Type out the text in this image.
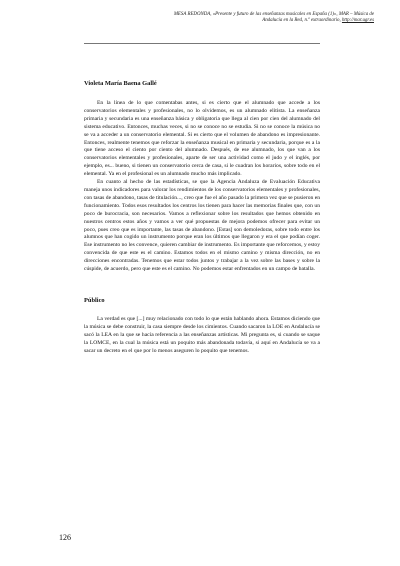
MESA REDONDA, «Presente y futuro de las enseñanzas musicales en España (1)», MAR – Música de
Andalucía en la Red, n.º extraordinario, http://mar.ugr.es
Violeta María Baena Gallé

En la línea de lo que comentabas antes, si es cierto que el alumnado que accede a los conservatorios elementales y profesionales, no lo olvidemos, es un alumnado elitista. La enseñanza primaria y secundaria es una enseñanza básica y obligatoria que llega al cien por cien del alumnado del sistema educativo. Entonces, muchas veces, si no se conoce no se estudia. Si no se conoce la música no se va a acceder a un conservatorio elemental. Si es cierto que el volumen de abandono es impresionante. Entonces, realmente tenemos que reforzar la enseñanza musical en primaria y secundaria, porque es a la que tiene acceso el ciento por ciento del alumnado. Después, de ese alumnado, los que van a los conservatorios elementales y profesionales, aparte de ser una actividad como el judo y el inglés, por ejemplo, es... bueno, si tienen un conservatorio cerca de casa, si le cuadran los horarios, sobre todo en el elemental. Ya en el profesional es un alumnado mucho más implicado.

En cuanto al hecho de las estadísticas, se que la Agencia Andaluza de Evaluación Educativa maneja unos indicadores para valorar los rendimientos de los conservatorios elementales y profesionales, con tasas de abandono, tasas de titulación..., creo que fue el año pasado la primera vez que se pusieron en funcionamiento. Todos esos resultados los centros los tienen para hacer las memorias finales que, con un poco de burocracia, son necesarios. Vamos a reflexionar sobre los resultados que hemos obtenido en nuestros centros estos años y vamos a ver qué propuestas de mejora podemos ofrecer para evitar un poco, pues creo que es importante, las tasas de abandono. [Estas] son demoledoras, sobre todo entre los alumnos que han cogido un instrumento porque eran los últimos que llegaron y era el que podían coger. Ese instrumento no les convence, quieren cambiar de instrumento. Es importante que reforcemos, y estoy convencida de que este es el camino. Estamos todos en el mismo camino y misma dirección, no en direcciones encontradas. Tenemos que estar todos juntos y trabajar a la vez sobre las bases y sobre la cúspide, de acuerdo, pero que este es el camino. No podemos estar enfrentados en un campo de batalla.

Público

La verdad es que [...] muy relacionado con todo lo que están hablando ahora. Estamos diciendo que la música se debe construir, la casa siempre desde los cimientos. Cuando sacaron la LOE en Andalucía se sacó la LEA en la que se hacía referencia a las enseñanzas artísticas. Mi pregunta es, si cuando se saque la LOMCE, en la cual la música está un poquito más abandonada todavía, si aquí en Andalucía se va a sacar un decreto en el que por lo menos aseguren lo poquito que tenemos.

126
